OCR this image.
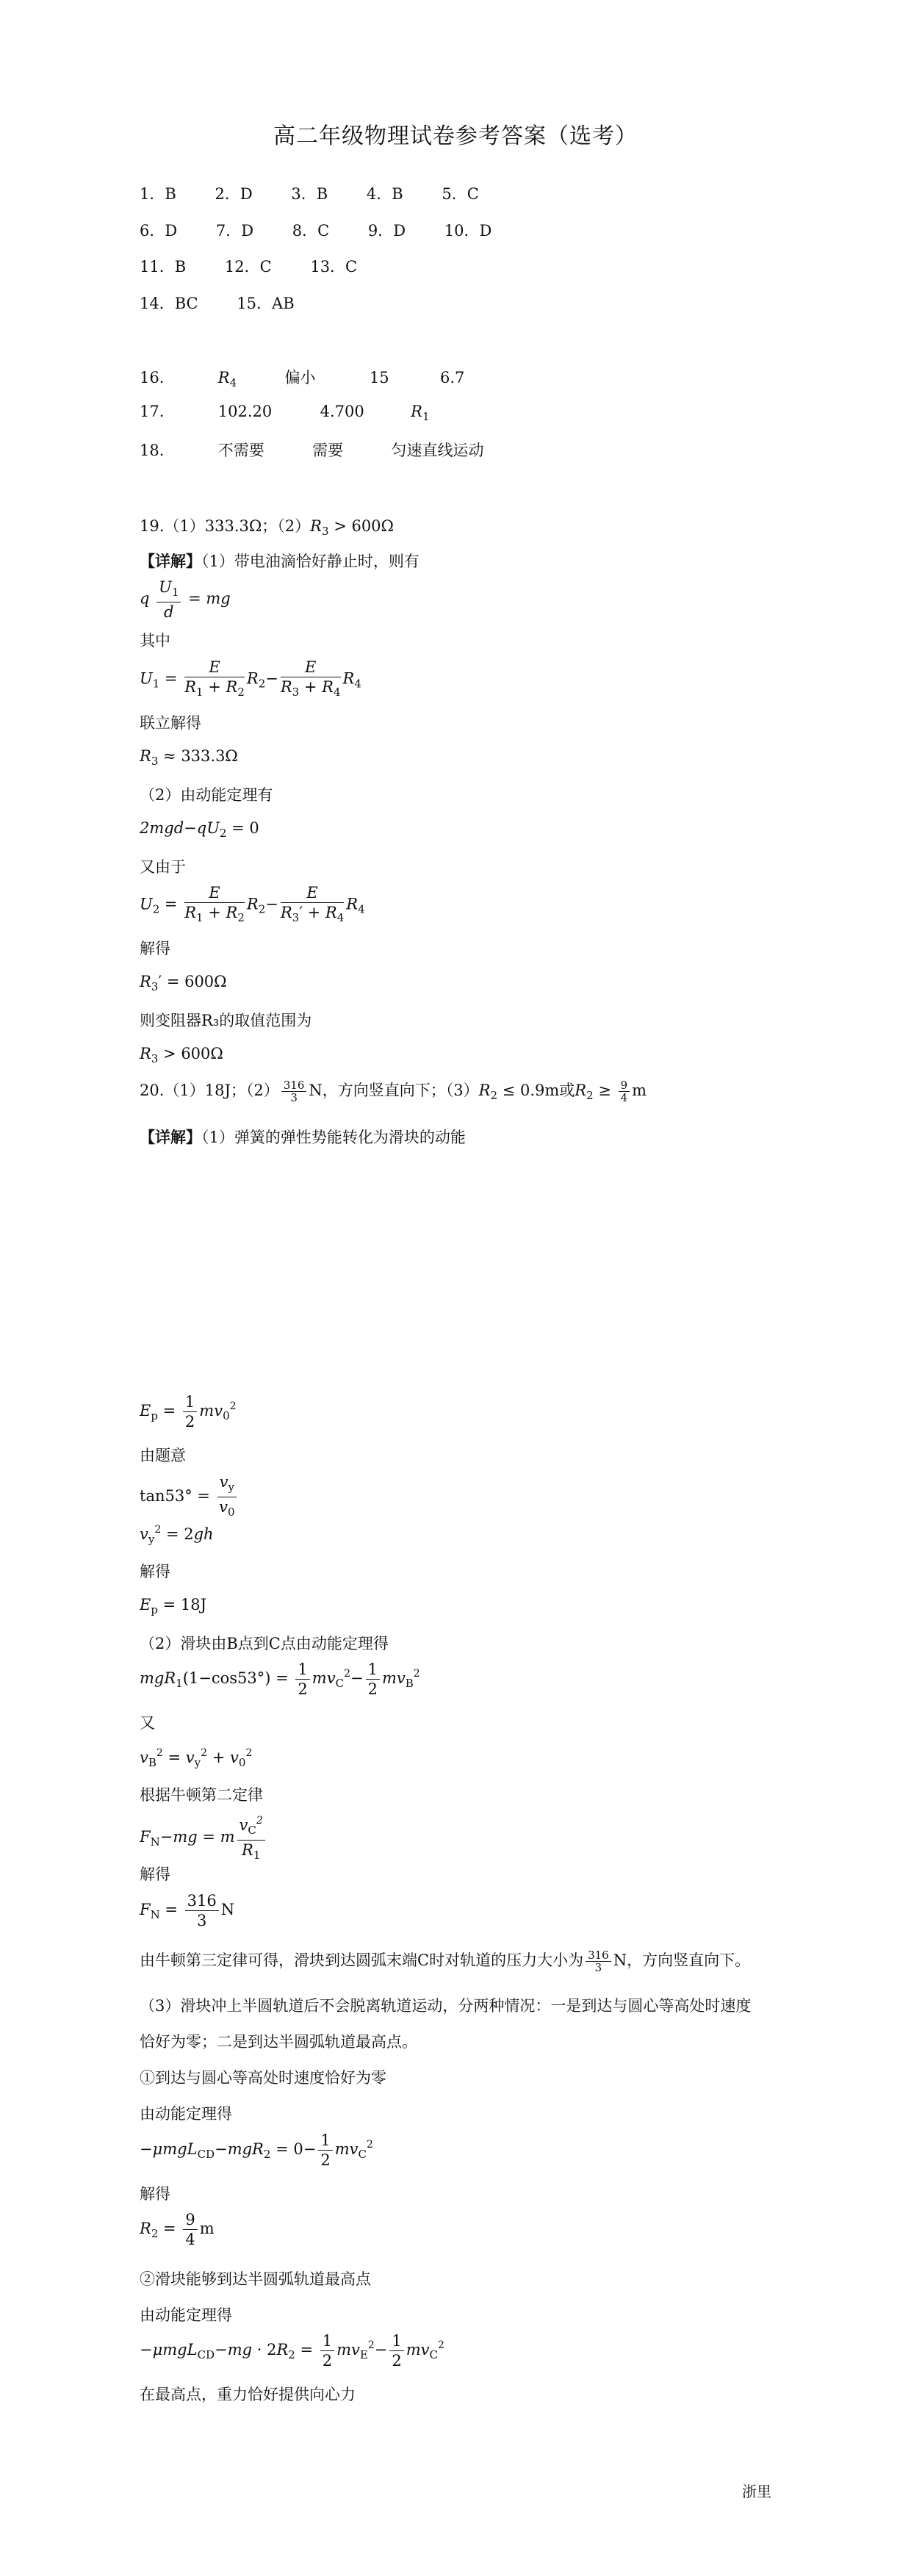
高二年级物理试卷参考答案（选考）
1．B	2．D	3．B	4．B	5．C
6．D	7．D	8．C	9．D	10．D
11．B	12．C	13．C
14．BC	15．AB
16.	$R_4$	偏小	15	6.7
17.	102.20	4.700	$R_1$
18.	不需要	需要	匀速直线运动
19.（1）333.3Ω；$(2)R_3 > 600\Omega$
【详解】（1）带电油滴恰好静止时，则有
q $\frac{U_1}{d}$ = mg
其中
$U_1 = \frac{E}{R_1 + R_2} R_2- \frac{E}{R_3 + R_4} R_4$
联立解得
$R_3 \approx 333.3\Omega$
（2）由动能定理有
$2mgd-qU_2 = 0$
又由于
$U_2 = \frac{E}{R_1 + R_2} R_2- \frac{E}{R_3' + R_4} R_4$
解得
$R_3' = 600\Omega$
则变阻器R₃的取值范围为
$R_3 > 600\Omega$
20.（1）18J；$(2) \frac{316}{3}$ N，方向竖直向下；$(3)R_2 \le 0.9m$或$R_2 \ge \frac{9}{4}$ m
【详解】（1）弹簧的弹性势能转化为滑块的动能
$E_p = \frac{1}{2} mv_0^2$
由题意
$\tan 53^\circ = \frac{v_y}{v_0}$
$v_y^2 = 2gh$
解得
$E_p = 18J$
（2）滑块由B点到C点由动能定理得
$mgR_1(1-\cos 53^\circ) = \frac{1}{2} mv_C^2- \frac{1}{2} mv_B^2$
又
$v_B^2 = v_y^2 + v_0^2$
根据牛顿第二定律
$F_N-mg = m \frac{v_C^2}{R_1}$
解得
$F_N = \frac{316}{3}$ N
由牛顿第三定律可得，滑块到达圆弧末端C时对轨道的压力大小为 $\frac{316}{3}$ N，方向竖直向下。
（3）滑块冲上半圆轨道后不会脱离轨道运动，分两种情况：一是到达与圆心等高处时速度
恰好为零；二是到达半圆弧轨道最高点。
①到达与圆心等高处时速度恰好为零
由动能定理得
$-\mu mgL_{CD}-mgR_2 = 0- \frac{1}{2} mv_C^2$
解得
$R_2 = \frac{9}{4}$ m
②滑块能够到达半圆弧轨道最高点
由动能定理得
$-\mu mgL_{CD}-mg \cdot 2R_2 = \frac{1}{2} mv_E^2- \frac{1}{2} mv_C^2$
在最高点，重力恰好提供向心力
浙里
